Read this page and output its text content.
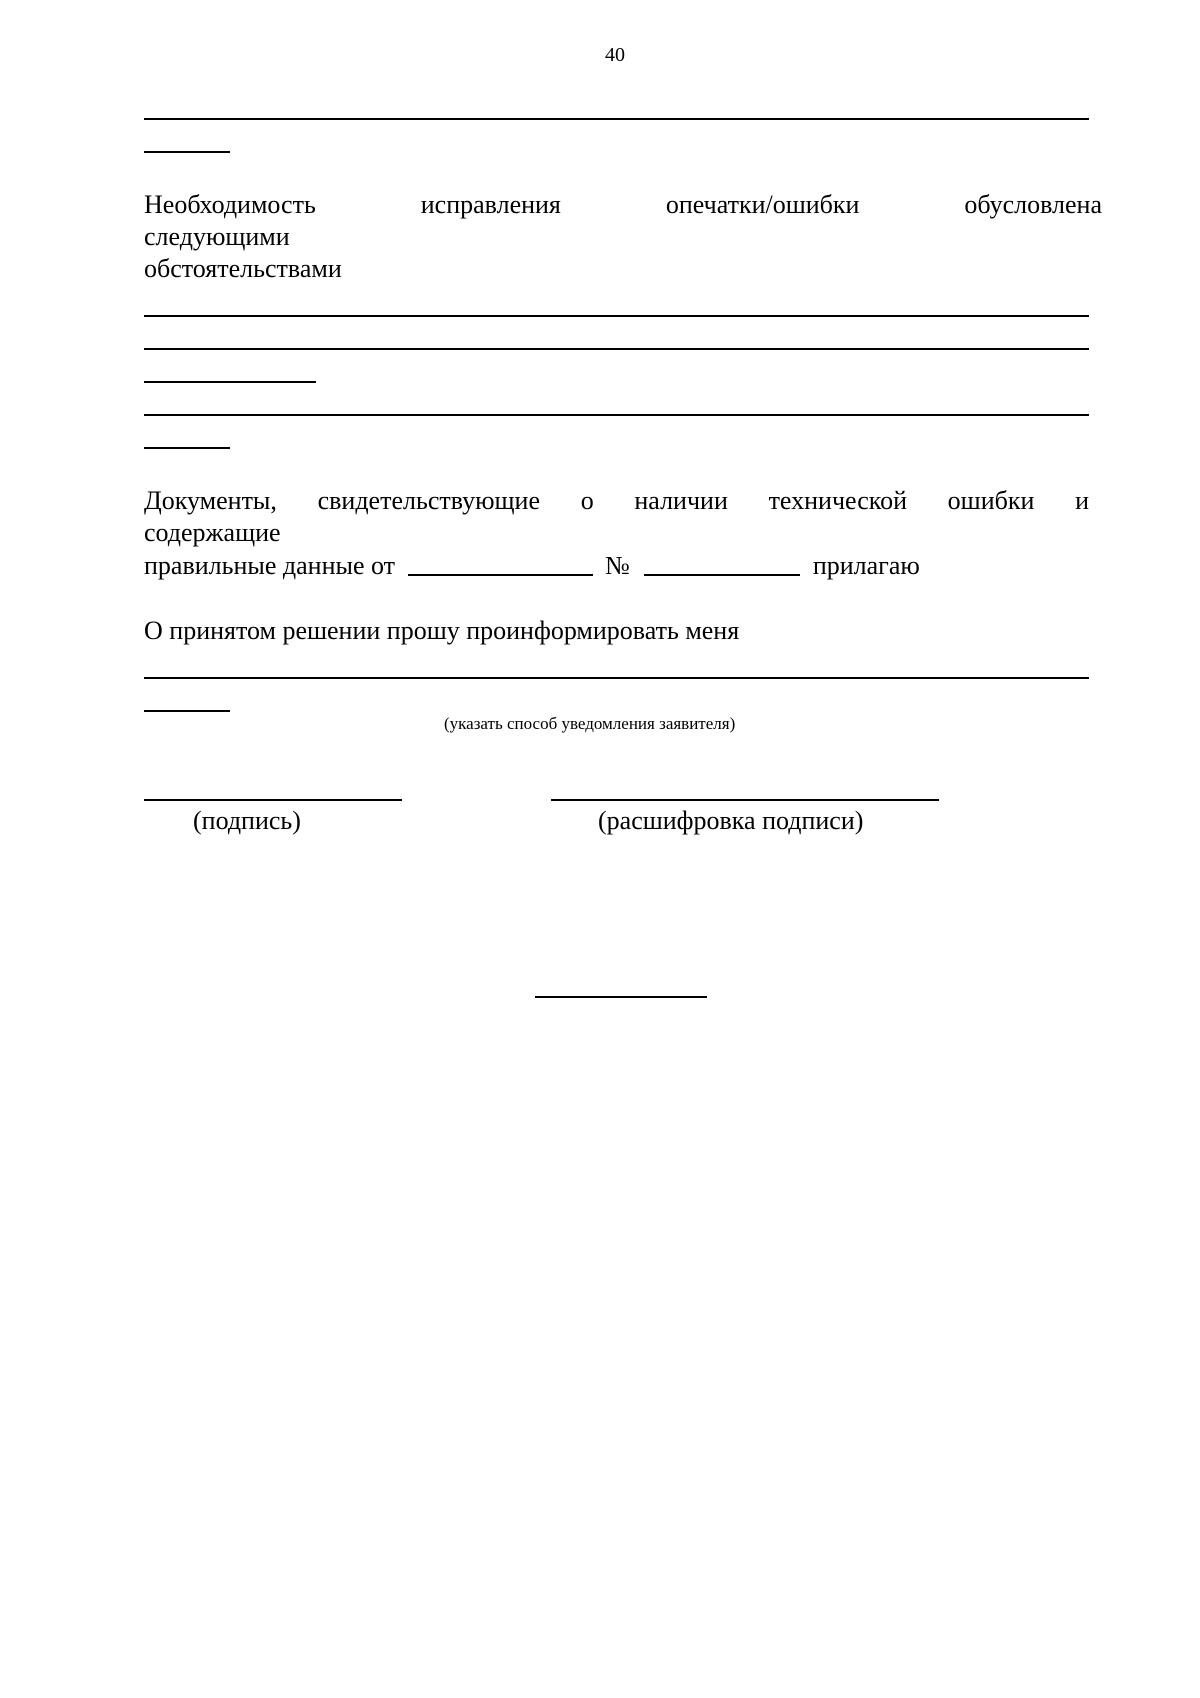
40
Необходимость	исправления	опечатки/ошибки	обусловлена
следующими
обстоятельствами
Документы, свидетельствующие о наличии технической ошибки и
содержащие
правильные данные от	№	прилагаю
О принятом решении прошу проинформировать меня
(указать способ уведомления заявителя)
(подпись)	(расшифровка подписи)
